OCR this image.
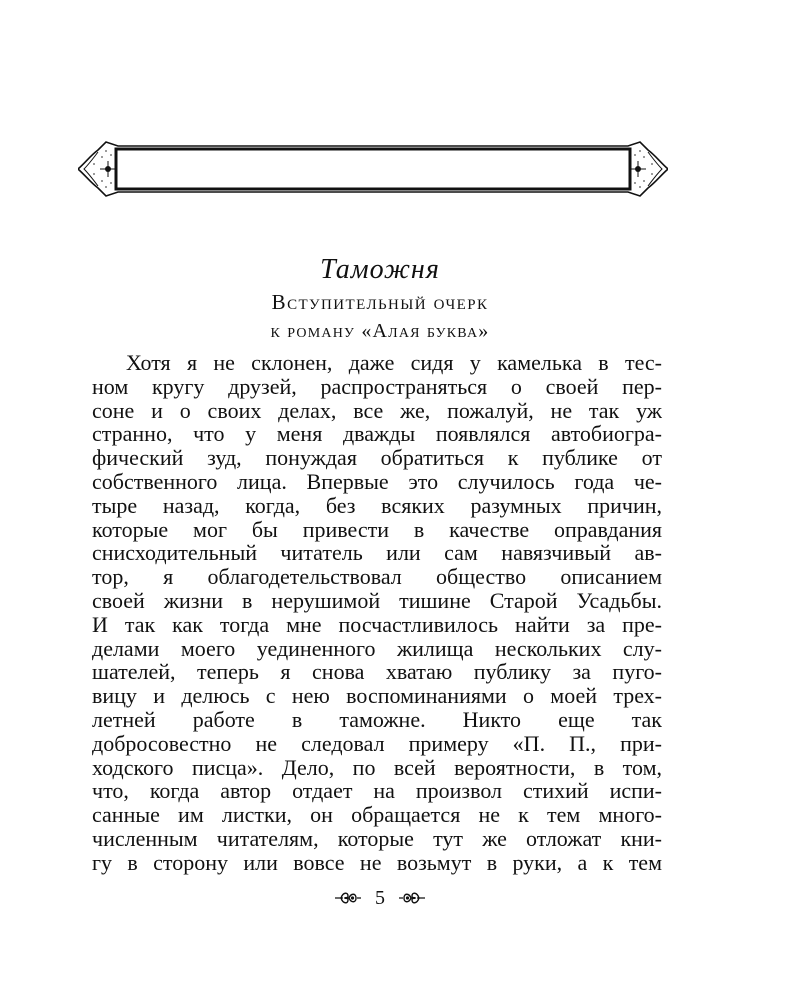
Таможня
Вступительный очерк
к роману «Алая буква»
Хотя я не склонен, даже сидя у камелька в тес-
ном кругу друзей, распространяться о своей пер-
соне и о своих делах, все же, пожалуй, не так уж
странно, что у меня дважды появлялся автобиогра-
фический зуд, понуждая обратиться к публике от
собственного лица. Впервые это случилось года че-
тыре назад, когда, без всяких разумных причин,
которые мог бы привести в качестве оправдания
снисходительный читатель или сам навязчивый ав-
тор, я облагодетельствовал общество описанием
своей жизни в нерушимой тишине Старой Усадьбы.
И так как тогда мне посчастливилось найти за пре-
делами моего уединенного жилища нескольких слу-
шателей, теперь я снова хватаю публику за пуго-
вицу и делюсь с нею воспоминаниями о моей трех-
летней работе в таможне. Никто еще так
добросовестно не следовал примеру «П. П., при-
ходского писца». Дело, по всей вероятности, в том,
что, когда автор отдает на произвол стихий испи-
санные им листки, он обращается не к тем много-
численным читателям, которые тут же отложат кни-
гу в сторону или вовсе не возьмут в руки, а к тем
5
